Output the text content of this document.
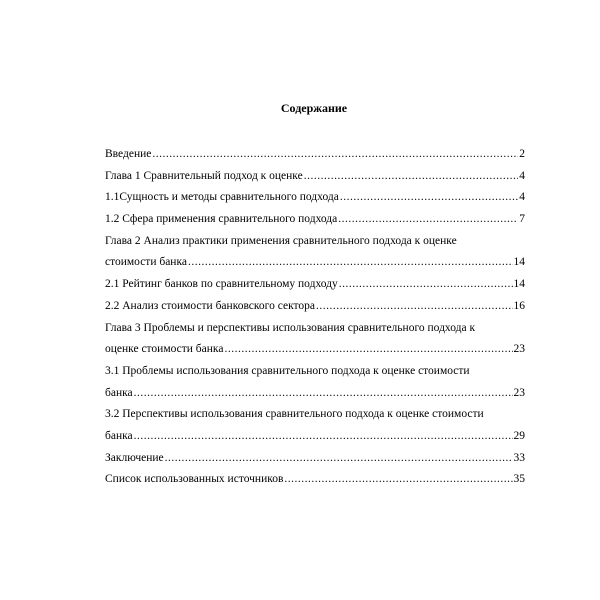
Содержание
Введение .....	2
Глава 1 Сравнительный подход к оценке .....	4
1.1Сущность и методы сравнительного подхода .....	4
1.2 Сфера применения сравнительного подхода .....	7
Глава 2 Анализ практики применения сравнительного подхода к оценке
стоимости банка .....	14
2.1 Рейтинг банков по сравнительному подходу .....	14
2.2 Анализ стоимости банковского сектора .....	16
Глава 3 Проблемы и перспективы использования сравнительного подхода к
оценке стоимости банка .....	23
3.1 Проблемы использования сравнительного подхода к оценке стоимости
банка .....	23
3.2 Перспективы использования сравнительного подхода к оценке стоимости
банка .....	29
Заключение .....	33
Список использованных источников .....	35
